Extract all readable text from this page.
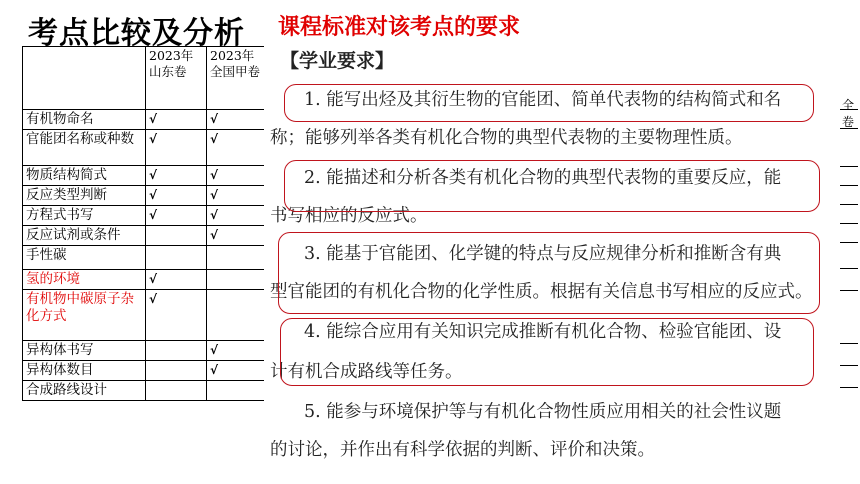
考点比较及分析 课程标准对该考点的要求
	2023年山东卷	2023年全国甲卷
有机物命名	√	√
官能团名称或种数	√	√
物质结构简式	√	√
反应类型判断	√	√
方程式书写	√	√
反应试剂或条件		√
手性碳		
氢的环境	√	
有机物中碳原子杂化方式	√	
异构体书写		√
异构体数目		√
合成路线设计		
全卷
【学业要求】
1. 能写出烃及其衍生物的官能团、简单代表物的结构简式和名
称；能够列举各类有机化合物的典型代表物的主要物理性质。
2. 能描述和分析各类有机化合物的典型代表物的重要反应，能
书写相应的反应式。
3. 能基于官能团、化学键的特点与反应规律分析和推断含有典
型官能团的有机化合物的化学性质。根据有关信息书写相应的反应式。
4. 能综合应用有关知识完成推断有机化合物、检验官能团、设
计有机合成路线等任务。
5. 能参与环境保护等与有机化合物性质应用相关的社会性议题
的讨论，并作出有科学依据的判断、评价和决策。
